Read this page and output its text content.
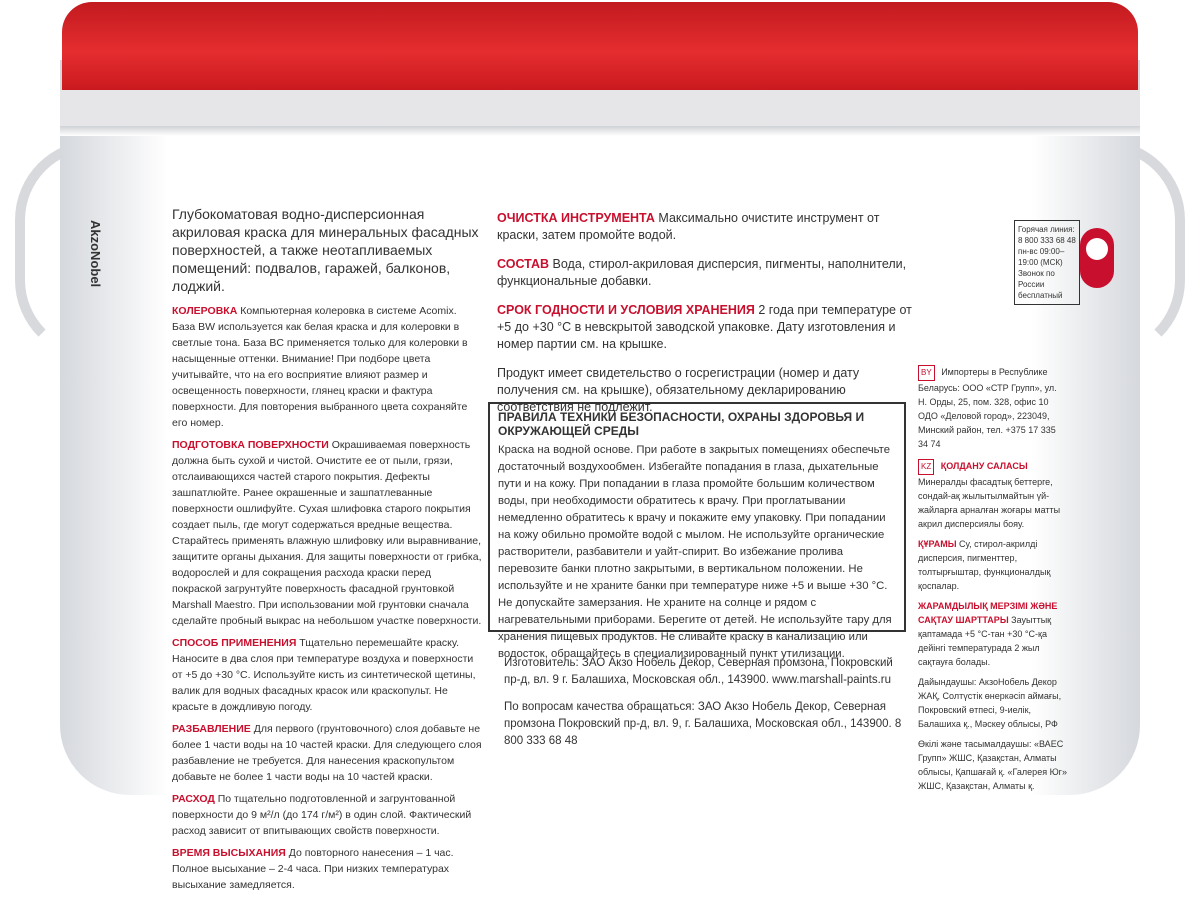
AkzoNobel
Глубокоматовая водно-дисперсионная акриловая краска для минеральных фасадных поверхностей, а также неотапливаемых помещений: подвалов, гаражей, балконов, лоджий.
КОЛЕРОВКА Компьютерная колеровка в системе Acomix. База BW используется как белая краска и для колеровки в светлые тона. База BC применяется только для колеровки в насыщенные оттенки. Внимание! При подборе цвета учитывайте, что на его восприятие влияют размер и освещенность поверхности, глянец краски и фактура поверхности. Для повторения выбранного цвета сохраняйте его номер.
ПОДГОТОВКА ПОВЕРХНОСТИ Окрашиваемая поверхность должна быть сухой и чистой. Очистите ее от пыли, грязи, отслаивающихся частей старого покрытия. Дефекты зашпатлюйте. Ранее окрашенные и зашпатлеванные поверхности ошлифуйте. Сухая шлифовка старого покрытия создает пыль, где могут содержаться вредные вещества. Старайтесь применять влажную шлифовку или выравнивание, защитите органы дыхания. Для защиты поверхности от грибка, водорослей и для сокращения расхода краски перед покраской загрунтуйте поверхность фасадной грунтовкой Marshall Maestro. При использовании мой грунтовки сначала сделайте пробный выкрас на небольшом участке поверхности.
СПОСОБ ПРИМЕНЕНИЯ Тщательно перемешайте краску. Наносите в два слоя при температуре воздуха и поверхности от +5 до +30 °С. Используйте кисть из синтетической щетины, валик для водных фасадных красок или краскопульт. Не красьте в дождливую погоду.
РАЗБАВЛЕНИЕ Для первого (грунтовочного) слоя добавьте не более 1 части воды на 10 частей краски. Для следующего слоя разбавление не требуется. Для нанесения краскопультом добавьте не более 1 части воды на 10 частей краски.
РАСХОД По тщательно подготовленной и загрунтованной поверхности до 9 м²/л (до 174 г/м²) в один слой. Фактический расход зависит от впитывающих свойств поверхности.
ВРЕМЯ ВЫСЫХАНИЯ До повторного нанесения – 1 час. Полное высыхание – 2-4 часа. При низких температурах высыхание замедляется.
ОЧИСТКА ИНСТРУМЕНТА Максимально очистите инструмент от краски, затем промойте водой.
СОСТАВ Вода, стирол-акриловая дисперсия, пигменты, наполнители, функциональные добавки.
СРОК ГОДНОСТИ И УСЛОВИЯ ХРАНЕНИЯ 2 года при температуре от +5 до +30 °С в невскрытой заводской упаковке. Дату изготовления и номер партии см. на крышке.
Продукт имеет свидетельство о госрегистрации (номер и дату получения см. на крышке), обязательному декларированию соответствия не подлежит.
ПРАВИЛА ТЕХНИКИ БЕЗОПАСНОСТИ, ОХРАНЫ ЗДОРОВЬЯ И ОКРУЖАЮЩЕЙ СРЕДЫ
Краска на водной основе. При работе в закрытых помещениях обеспечьте достаточный воздухообмен. Избегайте попадания в глаза, дыхательные пути и на кожу. При попадании в глаза промойте большим количеством воды, при необходимости обратитесь к врачу. При проглатывании немедленно обратитесь к врачу и покажите ему упаковку. При попадании на кожу обильно промойте водой с мылом. Не используйте органические растворители, разбавители и уайт-спирит. Во избежание пролива перевозите банки плотно закрытыми, в вертикальном положении. Не используйте и не храните банки при температуре ниже +5 и выше +30 °С. Не допускайте замерзания. Не храните на солнце и рядом с нагревательными приборами. Берегите от детей. Не используйте тару для хранения пищевых продуктов. Не сливайте краску в канализацию или водосток, обращайтесь в специализированный пункт утилизации.
Изготовитель: ЗАО Акзо Нобель Декор, Северная промзона, Покровский пр-д, вл. 9 г. Балашиха, Московская обл., 143900. www.marshall-paints.ru
По вопросам качества обращаться: ЗАО Акзо Нобель Декор, Северная промзона Покровский пр-д, вл. 9, г. Балашиха, Московская обл., 143900. 8 800 333 68 48
Горячая линия: 8 800 333 68 48 пн-вс 09:00–19:00 (МСК) Звонок по России бесплатный
BY Импортеры в Республике Беларусь: ООО «СТР Групп», ул. Н. Орды, 25, пом. 328, офис 10 ОДО «Деловой город», 223049, Минский район, тел. +375 17 335 34 74
KZ ҚОЛДАНУ САЛАСЫ Минералды фасадтық беттерге, сондай-ақ жылытылмайтын үй-жайларға арналған жоғары матты акрил дисперсиялы бояу.
ҚҰРАМЫ Су, стирол-акрилді дисперсия, пигменттер, толтырғыштар, функционалдық қоспалар.
ЖАРАМДЫЛЫҚ МЕРЗІМІ ЖӘНЕ САҚТАУ ШАРТТАРЫ Зауыттық қаптамада +5 °C-тан +30 °C-қа дейінгі температурада 2 жыл сақтауға болады.
Дайындаушы: АкзоНобель Декор ЖАҚ, Солтүстік өнеркәсіп аймағы, Покровский өтпесі, 9-иелік, Балашиха қ., Мәскеу облысы, РФ
Өкілі және тасымалдаушы: «ВАЕС Групп» ЖШС, Қазақстан, Алматы облысы, Қапшағай қ. «Галерея Юг» ЖШС, Қазақстан, Алматы қ.
